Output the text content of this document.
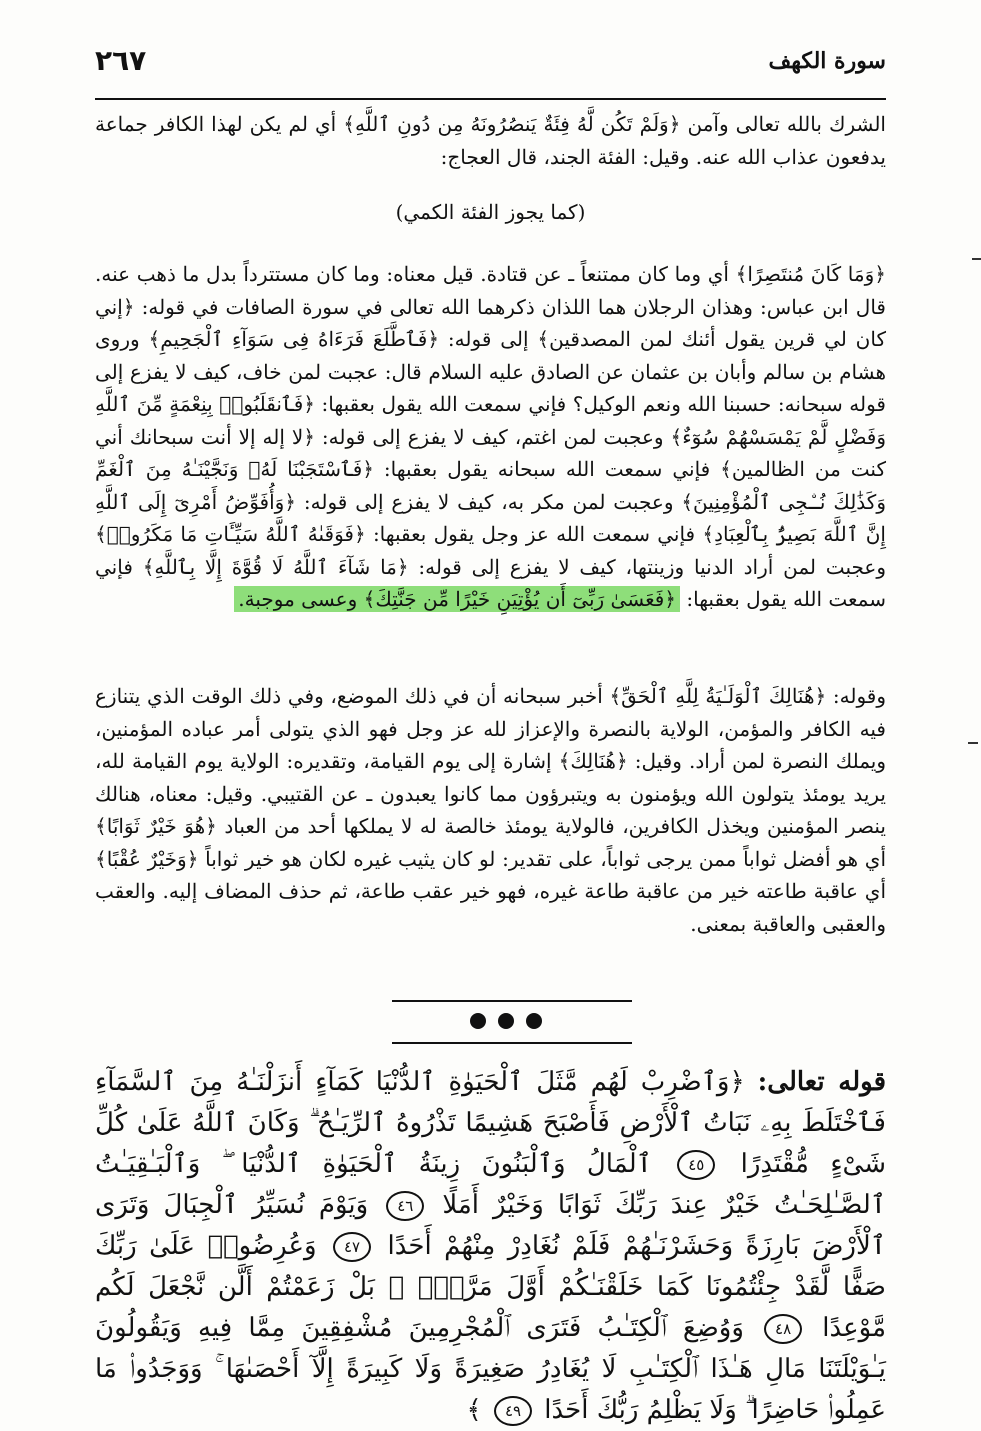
سورة الكهف
٢٦٧

الشرك بالله تعالى وآمن ﴿وَلَمْ تَكُن لَّهُ فِئَةٌ يَنصُرُونَهُ مِن دُونِ ٱللَّهِ﴾ أي لم يكن لهذا الكافر جماعة يدفعون عذاب الله عنه. وقيل: الفئة الجند، قال العجاج:

(كما يجوز الفئة الكمي)

﴿وَمَا كَانَ مُنتَصِرًا﴾ أي وما كان ممتنعاً ـ عن قتادة. قيل معناه: وما كان مستترداً بدل ما ذهب عنه. قال ابن عباس: وهذان الرجلان هما اللذان ذكرهما الله تعالى في سورة الصافات في قوله: ﴿إني كان لي قرين يقول أئنك لمن المصدقين﴾ إلى قوله: ﴿فَٱطَّلَعَ فَرَءَاهُ فِى سَوَآءِ ٱلْجَحِيمِ﴾ وروى هشام بن سالم وأبان بن عثمان عن الصادق عليه السلام قال: عجبت لمن خاف، كيف لا يفزع إلى قوله سبحانه: حسبنا الله ونعم الوكيل؟ فإني سمعت الله يقول بعقبها: ﴿فَٱنقَلَبُوا۟ بِنِعْمَةٍ مِّنَ ٱللَّهِ وَفَضْلٍ لَّمْ يَمْسَسْهُمْ سُوٓءٌ﴾ وعجبت لمن اغتم، كيف لا يفزع إلى قوله: ﴿لا إله إلا أنت سبحانك أني كنت من الظالمين﴾ فإني سمعت الله سبحانه يقول بعقبها: ﴿فَٱسْتَجَبْنَا لَهُۥ وَنَجَّيْنَـٰهُ مِنَ ٱلْغَمِّ وَكَذَٰلِكَ نُـۨجِى ٱلْمُؤْمِنِينَ﴾ وعجبت لمن مكر به، كيف لا يفزع إلى قوله: ﴿وَأُفَوِّضُ أَمْرِىٓ إِلَى ٱللَّهِ إِنَّ ٱللَّهَ بَصِيرٌۢ بِٱلْعِبَادِ﴾ فإني سمعت الله عز وجل يقول بعقبها: ﴿فَوَقَىٰهُ ٱللَّهُ سَيِّـَٔاتِ مَا مَكَرُوا۟﴾ وعجبت لمن أراد الدنيا وزينتها، كيف لا يفزع إلى قوله: ﴿مَا شَآءَ ٱللَّهُ لَا قُوَّةَ إِلَّا بِٱللَّهِ﴾ فإني سمعت الله يقول بعقبها: ﴿فَعَسَىٰ رَبِّىٓ أَن يُؤْتِيَنِ خَيْرًا مِّن جَنَّتِكَ﴾ وعسى موجبة.

وقوله: ﴿هُنَالِكَ ٱلْوَلَـٰيَةُ لِلَّهِ ٱلْحَقِّ﴾ أخبر سبحانه أن في ذلك الموضع، وفي ذلك الوقت الذي يتنازع فيه الكافر والمؤمن، الولاية بالنصرة والإعزاز لله عز وجل فهو الذي يتولى أمر عباده المؤمنين، ويملك النصرة لمن أراد. وقيل: ﴿هُنَالِكَ﴾ إشارة إلى يوم القيامة، وتقديره: الولاية يوم القيامة لله، يريد يومئذ يتولون الله ويؤمنون به ويتبرؤون مما كانوا يعبدون ـ عن القتيبي. وقيل: معناه، هنالك ينصر المؤمنين ويخذل الكافرين، فالولاية يومئذ خالصة له لا يملكها أحد من العباد ﴿هُوَ خَيْرٌ ثَوَابًا﴾ أي هو أفضل ثواباً ممن يرجى ثواباً، على تقدير: لو كان يثيب غيره لكان هو خير ثواباً ﴿وَخَيْرٌ عُقْبًا﴾ أي عاقبة طاعته خير من عاقبة طاعة غيره، فهو خير عقب طاعة، ثم حذف المضاف إليه. والعقب والعقبى والعاقبة بمعنى.

قوله تعالى: ﴿وَٱضْرِبْ لَهُم مَّثَلَ ٱلْحَيَوٰةِ ٱلدُّنْيَا كَمَآءٍ أَنزَلْنَـٰهُ مِنَ ٱلسَّمَآءِ فَٱخْتَلَطَ بِهِۦ نَبَاتُ ٱلْأَرْضِ فَأَصْبَحَ هَشِيمًا تَذْرُوهُ ٱلرِّيَـٰحُ ۗ وَكَانَ ٱللَّهُ عَلَىٰ كُلِّ شَىْءٍ مُّقْتَدِرًا ٤٥ ٱلْمَالُ وَٱلْبَنُونَ زِينَةُ ٱلْحَيَوٰةِ ٱلدُّنْيَا ۖ وَٱلْبَـٰقِيَـٰتُ ٱلصَّـٰلِحَـٰتُ خَيْرٌ عِندَ رَبِّكَ ثَوَابًا وَخَيْرٌ أَمَلًا ٤٦ وَيَوْمَ نُسَيِّرُ ٱلْجِبَالَ وَتَرَى ٱلْأَرْضَ بَارِزَةً وَحَشَرْنَـٰهُمْ فَلَمْ نُغَادِرْ مِنْهُمْ أَحَدًا ٤٧ وَعُرِضُوا۟ عَلَىٰ رَبِّكَ صَفًّا لَّقَدْ جِئْتُمُونَا كَمَا خَلَقْنَـٰكُمْ أَوَّلَ مَرَّةٍۭ ۚ بَلْ زَعَمْتُمْ أَلَّن نَّجْعَلَ لَكُم مَّوْعِدًا ٤٨ وَوُضِعَ ٱلْكِتَـٰبُ فَتَرَى ٱلْمُجْرِمِينَ مُشْفِقِينَ مِمَّا فِيهِ وَيَقُولُونَ يَـٰوَيْلَتَنَا مَالِ هَـٰذَا ٱلْكِتَـٰبِ لَا يُغَادِرُ صَغِيرَةً وَلَا كَبِيرَةً إِلَّآ أَحْصَىٰهَا ۚ وَوَجَدُوا۟ مَا عَمِلُوا۟ حَاضِرًا ۗ وَلَا يَظْلِمُ رَبُّكَ أَحَدًا ٤٩ ﴾
